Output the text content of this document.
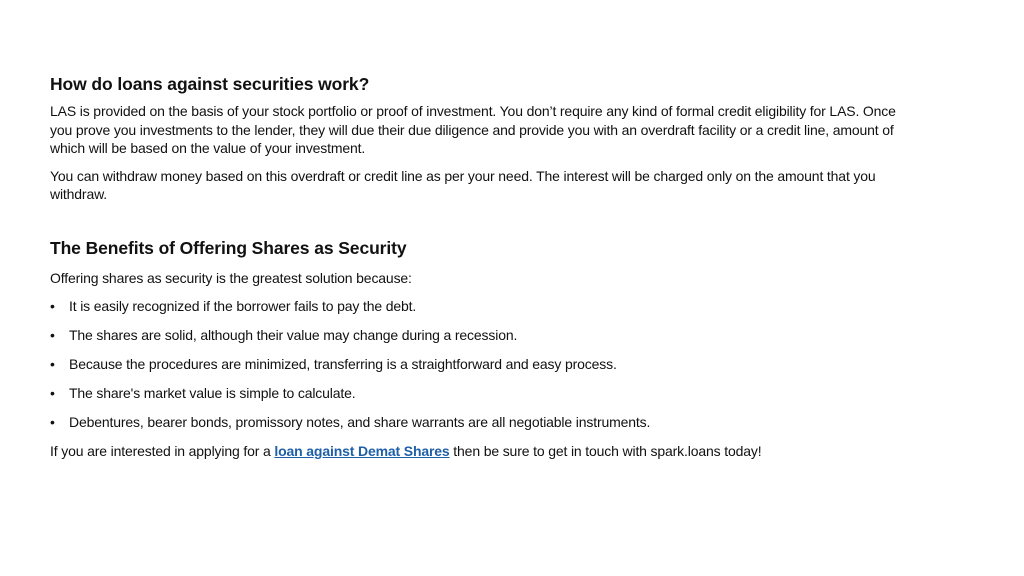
How do loans against securities work?

LAS is provided on the basis of your stock portfolio or proof of investment. You don’t require any kind of formal credit eligibility for LAS. Once you prove you investments to the lender, they will due their due diligence and provide you with an overdraft facility or a credit line, amount of which will be based on the value of your investment.

You can withdraw money based on this overdraft or credit line as per your need. The interest will be charged only on the amount that you withdraw.

The Benefits of Offering Shares as Security

Offering shares as security is the greatest solution because:

•	It is easily recognized if the borrower fails to pay the debt.
•	The shares are solid, although their value may change during a recession.
•	Because the procedures are minimized, transferring is a straightforward and easy process.
•	The share's market value is simple to calculate.
•	Debentures, bearer bonds, promissory notes, and share warrants are all negotiable instruments.

If you are interested in applying for a loan against Demat Shares then be sure to get in touch with spark.loans today!
